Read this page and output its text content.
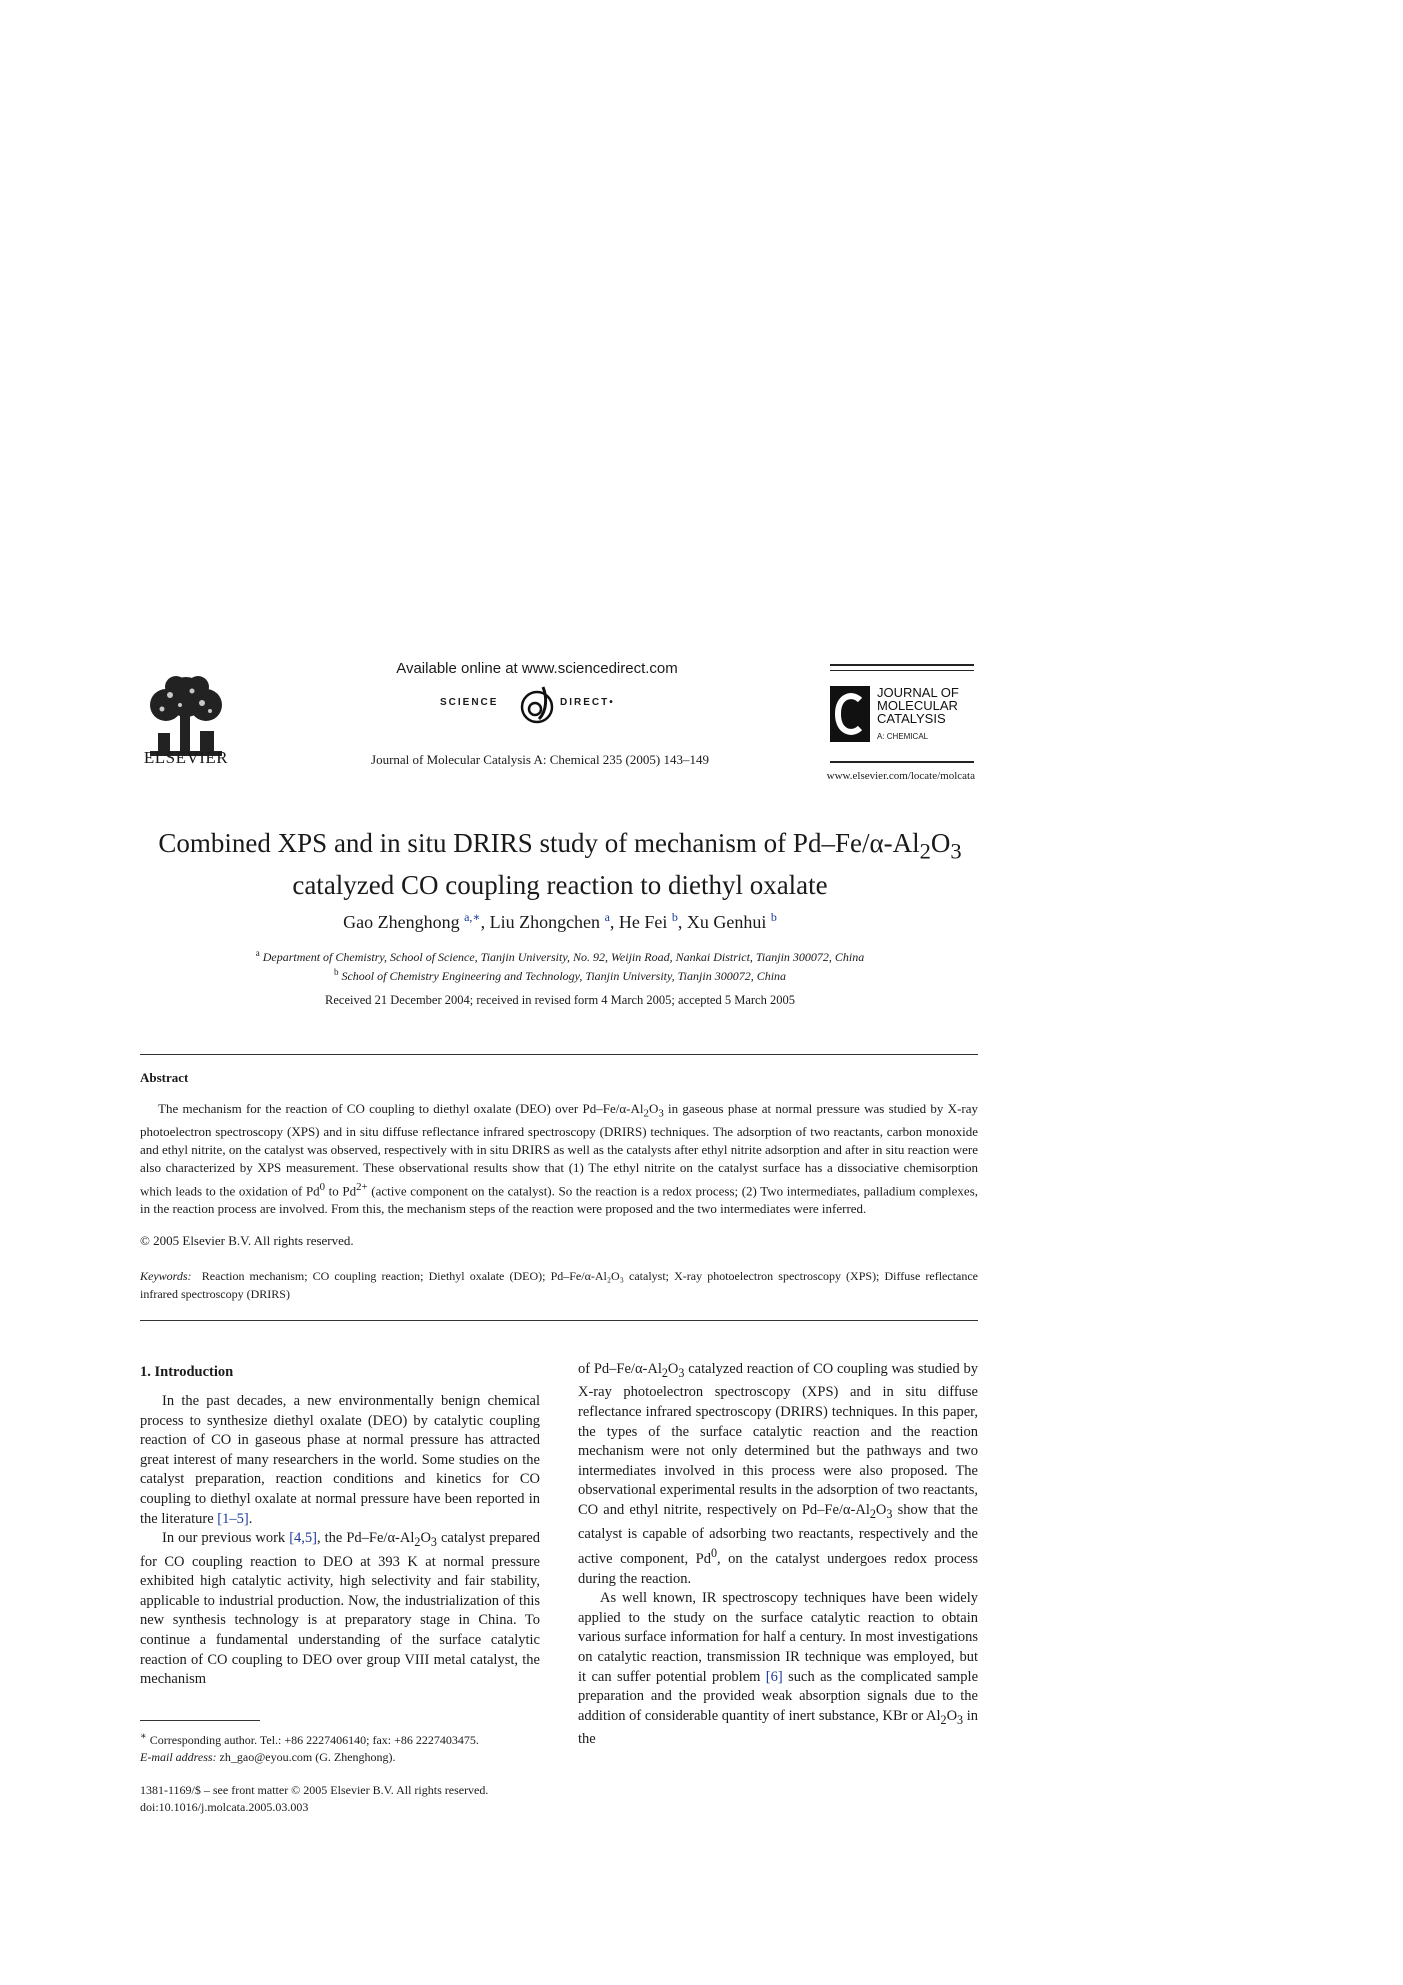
ELSEVIER
Available online at www.sciencedirect.com
SCIENCE	DIRECT•
Journal of Molecular Catalysis A: Chemical 235 (2005) 143–149
JOURNAL OF
MOLECULAR
CATALYSIS
A: CHEMICAL
www.elsevier.com/locate/molcata
Combined XPS and in situ DRIRS study of mechanism of $Pd-Fe/\alpha-Al_2O_3$
catalyzed CO coupling reaction to diethyl oxalate
Gao Zhenghong $^{a,∗}$, Liu Zhongchen $^a$, He Fei $^b$, Xu Genhui $^b$
$^a$ Department of Chemistry, School of Science, Tianjin University, No. 92, Weijin Road, Nankai District, Tianjin 300072, China
$^b$ School of Chemistry Engineering and Technology, Tianjin University, Tianjin 300072, China
Received 21 December 2004; received in revised form 4 March 2005; accepted 5 March 2005
Abstract

The mechanism for the reaction of CO coupling to diethyl oxalate (DEO) over $Pd-Fe/\alpha-Al_2O_3$ in gaseous phase at normal pressure was studied by X-ray photoelectron spectroscopy (XPS) and in situ diffuse reflectance infrared spectroscopy (DRIRS) techniques. The adsorption of two reactants, carbon monoxide and ethyl nitrite, on the catalyst was observed, respectively with in situ DRIRS as well as the catalysts after ethyl nitrite adsorption and after in situ reaction were also characterized by XPS measurement. These observational results show that (1) The ethyl nitrite on the catalyst surface has a dissociative chemisorption which leads to the oxidation of Pd$^0$ to $Pd^{2+}$ (active component on the catalyst). So the reaction is a redox process; (2) Two intermediates, palladium complexes, in the reaction process are involved. From this, the mechanism steps of the reaction were proposed and the two intermediates were inferred.

© 2005 Elsevier B.V. All rights reserved.
Keywords: Reaction mechanism; CO coupling reaction; Diethyl oxalate (DEO); Pd–Fe/α-Al₂O₃ catalyst; X-ray photoelectron spectroscopy (XPS); Diffuse reflectance infrared spectroscopy (DRIRS)
1. Introduction

In the past decades, a new environmentally benign chemical process to synthesize diethyl oxalate (DEO) by catalytic coupling reaction of CO in gaseous phase at normal pressure has attracted great interest of many researchers in the world. Some studies on the catalyst preparation, reaction conditions and kinetics for CO coupling to diethyl oxalate at normal pressure have been reported in the literature [1–5].

In our previous work [4,5], the $Pd-Fe/\alpha-Al_2O_3$ catalyst prepared for CO coupling reaction to DEO at 393 K at normal pressure exhibited high catalytic activity, high selectivity and fair stability, applicable to industrial production. Now, the industrialization of this new synthesis technology is at preparatory stage in China. To continue a fundamental understanding of the surface catalytic reaction of CO coupling to DEO over group VIII metal catalyst, the mechanism

of $Pd-Fe/\alpha-Al_2O_3$ catalyzed reaction of CO coupling was studied by X-ray photoelectron spectroscopy (XPS) and in situ diffuse reflectance infrared spectroscopy (DRIRS) techniques. In this paper, the types of the surface catalytic reaction and the reaction mechanism were not only determined but the pathways and two intermediates involved in this process were also proposed. The observational experimental results in the adsorption of two reactants, CO and ethyl nitrite, respectively on $Pd-Fe/\alpha-Al_2O_3$ show that the catalyst is capable of adsorbing two reactants, respectively and the active component, Pd$^0$, on the catalyst undergoes redox process during the reaction.

As well known, IR spectroscopy techniques have been widely applied to the study on the surface catalytic reaction to obtain various surface information for half a century. In most investigations on catalytic reaction, transmission IR technique was employed, but it can suffer potential problem [6] such as the complicated sample preparation and the provided weak absorption signals due to the addition of considerable quantity of inert substance, KBr or $Al_2O_3$ in the

∗ Corresponding author. Tel.: +86 2227406140; fax: +86 2227403475.
E-mail address: zh_gao@eyou.com (G. Zhenghong).
1381-1169/$ – see front matter © 2005 Elsevier B.V. All rights reserved.
doi:10.1016/j.molcata.2005.03.003
